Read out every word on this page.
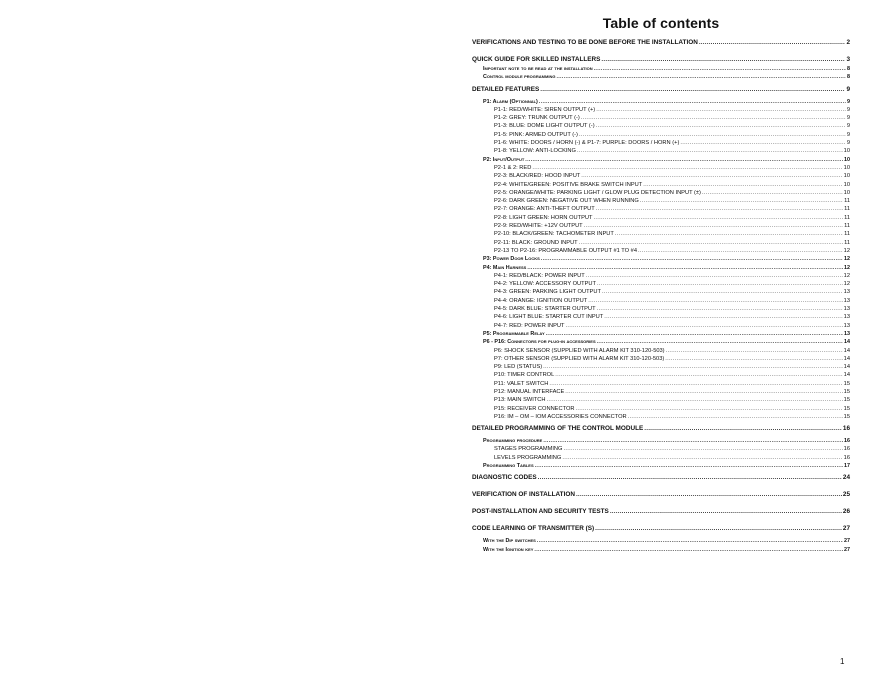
Table of contents
VERIFICATIONS AND TESTING TO BE DONE BEFORE THE INSTALLATION .....	2
QUICK GUIDE FOR SKILLED INSTALLERS .....	3
Important note to be read at the installation .....	8
Control module programming .....	8
DETAILED FEATURES .....	9
P1: Alarm (Optionnal) .....	9
P1-1: RED/WHITE: SIREN OUTPUT (+) .....	9
P1-2: GREY: TRUNK OUTPUT (-) .....	9
P1-3: BLUE: DOME LIGHT OUTPUT (-) .....	9
P1-5: PINK: ARMED OUTPUT (-) .....	9
P1-6: WHITE: DOORS / HORN (-) & P1-7: PURPLE: DOORS / HORN (+) .....	9
P1-8: YELLOW: ANTI-LOCKING .....	10
P2: Input/Output .....	10
P2-1 & 2: RED .....	10
P2-3: BLACK/RED: HOOD INPUT .....	10
P2-4: WHITE/GREEN: POSITIVE BRAKE SWITCH INPUT .....	10
P2-5: ORANGE/WHITE: PARKING LIGHT / GLOW PLUG DETECTION INPUT (±) .....	10
P2-6: DARK GREEN: NEGATIVE OUT WHEN RUNNING .....	11
P2-7: ORANGE: ANTI-THEFT OUTPUT .....	11
P2-8: LIGHT GREEN: HORN OUTPUT .....	11
P2-9: RED/WHITE: +12V OUTPUT .....	11
P2-10: BLACK/GREEN: TACHOMETER INPUT .....	11
P2-11: BLACK: GROUND INPUT .....	11
P2-13 TO P2-16: PROGRAMMABLE OUTPUT #1 TO #4 .....	12
P3: Power Door Locks .....	12
P4: Main Harness .....	12
P4-1: RED/BLACK: POWER INPUT .....	12
P4-2: YELLOW: ACCESSORY OUTPUT .....	12
P4-3: GREEN: PARKING LIGHT OUTPUT .....	13
P4-4: ORANGE: IGNITION OUTPUT .....	13
P4-5: DARK BLUE: STARTER OUTPUT .....	13
P4-6: LIGHT BLUE: STARTER CUT INPUT .....	13
P4-7: RED: POWER INPUT .....	13
P5: Programmable Relay .....	13
P6 - P16: Connectors for plug-in accessories .....	14
P6: SHOCK SENSOR (SUPPLIED WITH ALARM KIT 310-120-503) .....	14
P7: OTHER SENSOR (SUPPLIED WITH ALARM KIT 310-120-503) .....	14
P9: LED (STATUS) .....	14
P10: TIMER CONTROL .....	14
P11: VALET SWITCH .....	15
P12: MANUAL INTERFACE .....	15
P13: MAIN SWITCH .....	15
P15: RECEIVER CONNECTOR .....	15
P16: IM – OM – IOM ACCESSORIES CONNECTOR .....	15
DETAILED PROGRAMMING OF THE CONTROL MODULE .....	16
Programming procedure .....	16
STAGES PROGRAMMING .....	16
LEVELS PROGRAMMING .....	16
Programming Tables .....	17
DIAGNOSTIC CODES .....	24
VERIFICATION OF INSTALLATION .....	25
POST-INSTALLATION AND SECURITY TESTS .....	26
CODE LEARNING OF TRANSMITTER (S) .....	27
With the Dip switches .....	27
With the Ignition key .....	27
1
